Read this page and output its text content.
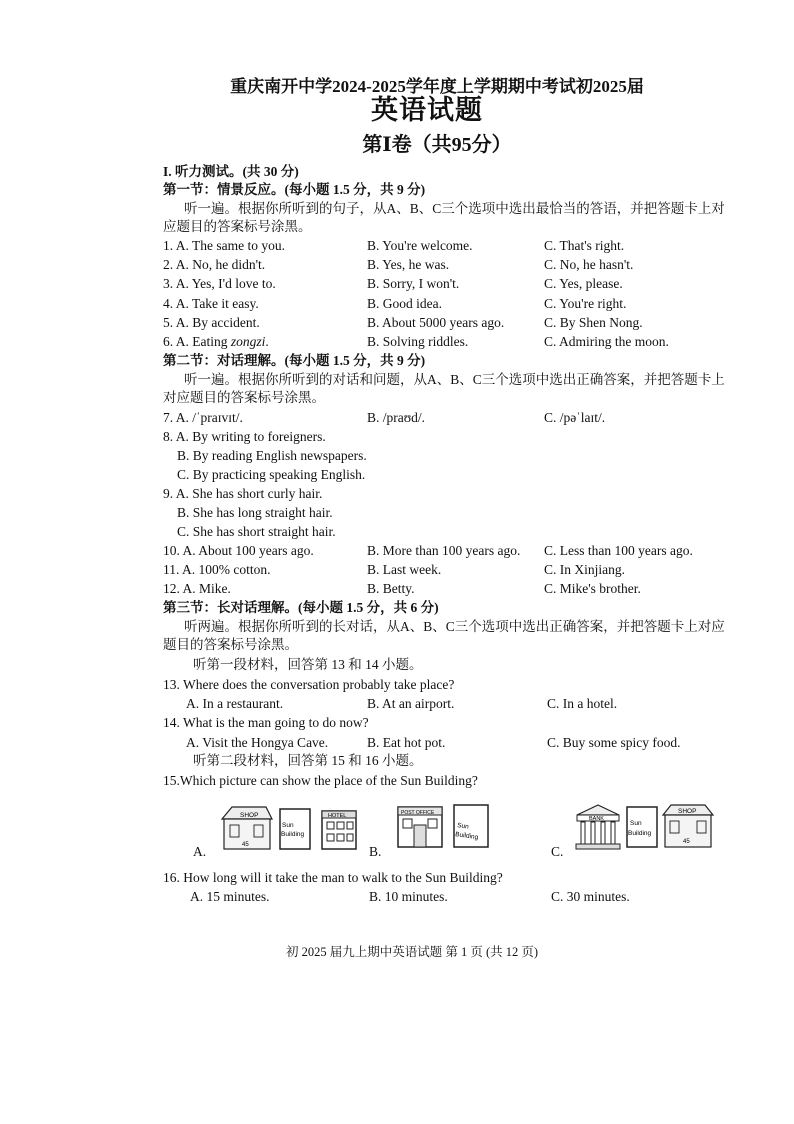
重庆南开中学2024-2025学年度上学期期中考试初2025届
英语试题
第Ⅰ卷（共95分）
I. 听力测试。(共 30 分)
第一节：情景反应。(每小题 1.5 分，共 9 分)
听一遍。根据你所听到的句子，从A、B、C三个选项中选出最恰当的答语，并把答题卡上对
应题目的答案标号涂黑。
1. A. The same to you.	B. You're welcome.	C. That's right.
2. A. No, he didn't.	B. Yes, he was.	C. No, he hasn't.
3. A. Yes, I'd love to.	B. Sorry, I won't.	C. Yes, please.
4. A. Take it easy.	B. Good idea.	C. You're right.
5. A. By accident.	B. About 5000 years ago.	C. By Shen Nong.
6. A. Eating zongzi.	B. Solving riddles.	C. Admiring the moon.
第二节：对话理解。(每小题 1.5 分，共 9 分)
听一遍。根据你所听到的对话和问题，从A、B、C三个选项中选出正确答案，并把答题卡上
对应题目的答案标号涂黑。
7. A. /ˈpraɪvɪt/.	B. /praʊd/.	C. /pəˈlaɪt/.
8. A. By writing to foreigners.
B. By reading English newspapers.
C. By practicing speaking English.
9. A. She has short curly hair.
B. She has long straight hair.
C. She has short straight hair.
10. A. About 100 years ago.	B. More than 100 years ago. C. Less than 100 years ago.
11. A. 100% cotton.	B. Last week.	C. In Xinjiang.
12. A. Mike.	B. Betty.	C. Mike's brother.
第三节：长对话理解。(每小题 1.5 分，共 6 分)
听两遍。根据你所听到的长对话，从A、B、C三个选项中选出正确答案，并把答题卡上对应
题目的答案标号涂黑。
听第一段材料，回答第 13 和 14 小题。
13. Where does the conversation probably take place?
A. In a restaurant.	B. At an airport.	C. In a hotel.
14. What is the man going to do now?
A. Visit the Hongya Cave.	B. Eat hot pot.	C. Buy some spicy food.
听第二段材料，回答第 15 和 16 小题。
15.Which picture can show the place of the Sun Building?
A.	B.	C.
SHOP
45
Sun
Building
HOTEL	POST OFFICE
Sun
Building
BANK
Sun
Building
SHOP
45
16. How long will it take the man to walk to the Sun Building?
A. 15 minutes.	B. 10 minutes.	C. 30 minutes.
初 2025 届九上期中英语试题 第 1 页 (共 12 页)
